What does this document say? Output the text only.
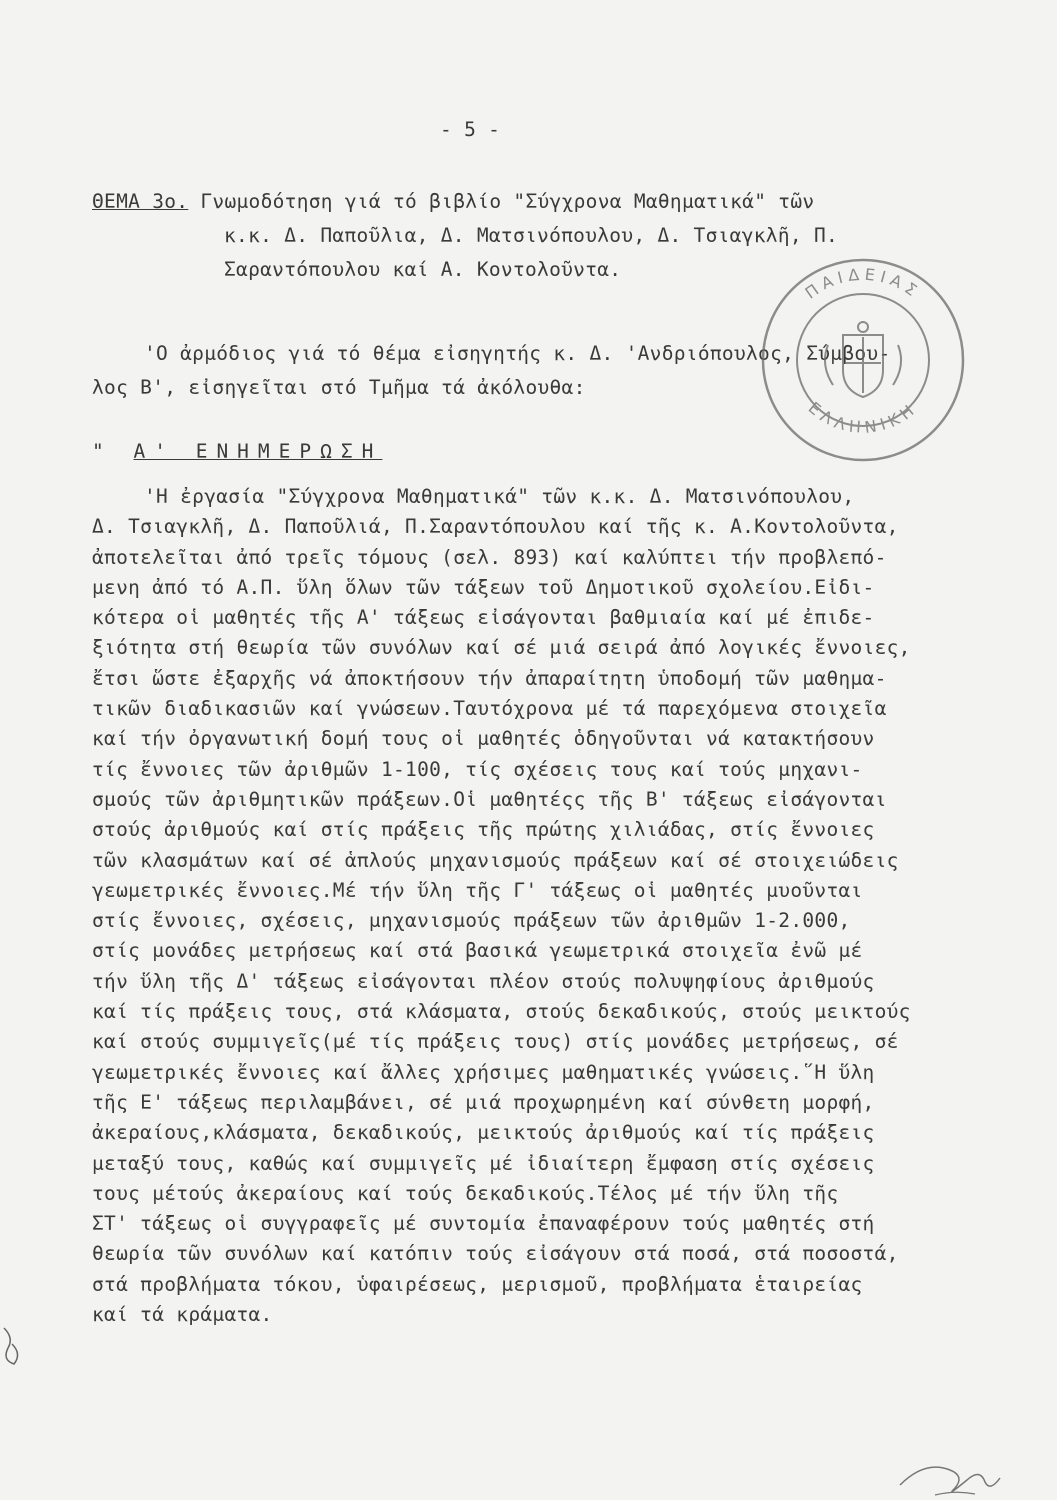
- 5 -
ΘΕΜΑ 3ο. Γνωμοδότηση γιά τό βιβλίο "Σύγχρονα Μαθηματικά" τῶν
κ.κ. Δ. Παποῦλια, Δ. Ματσινόπουλου, Δ. Τσιαγκλῆ, Π.
Σαραντόπουλου καί Α. Κοντολοῦντα.
'Ο ἀρμόδιος γιά τό θέμα εἰσηγητής κ. Δ. 'Ανδριόπουλος, Σύμβου-
λος Β', εἰσηγεῖται στό Τμῆμα τά ἀκόλουθα:
" Α' ΕΝΗΜΕΡΩΣΗ
'Η ἐργασία "Σύγχρονα Μαθηματικά" τῶν κ.κ. Δ. Ματσινόπουλου,
Δ. Τσιαγκλῆ, Δ. Παποῦλιά, Π.Σαραντόπουλου καί τῆς κ. Α.Κοντολοῦντα,
ἀποτελεῖται ἀπό τρεῖς τόμους (σελ. 893) καί καλύπτει τήν προβλεπό-
μενη ἀπό τό Α.Π. ὕλη ὅλων τῶν τάξεων τοῦ Δημοτικοῦ σχολείου.Εἰδι-
κότερα οἱ μαθητές τῆς Α' τάξεως εἰσάγονται βαθμιαία καί μέ ἐπιδε-
ξιότητα στή θεωρία τῶν συνόλων καί σέ μιά σειρά ἀπό λογικές ἔννοιες,
ἔτσι ὥστε ἐξαρχῆς νά ἀποκτήσουν τήν ἀπαραίτητη ὑποδομή τῶν μαθημα-
τικῶν διαδικασιῶν καί γνώσεων.Ταυτόχρονα μέ τά παρεχόμενα στοιχεῖα
καί τήν ὀργανωτική δομή τους οἱ μαθητές ὁδηγοῦνται νά κατακτήσουν
τίς ἔννοιες τῶν ἀριθμῶν 1-100, τίς σχέσεις τους καί τούς μηχανι-
σμούς τῶν ἀριθμητικῶν πράξεων.Οἱ μαθητέςς τῆς Β' τάξεως εἰσάγονται
στούς ἀριθμούς καί στίς πράξεις τῆς πρώτης χιλιάδας, στίς ἔννοιες
τῶν κλασμάτων καί σέ ἁπλούς μηχανισμούς πράξεων καί σέ στοιχειώδεις
γεωμετρικές ἔννοιες.Μέ τήν ὕλη τῆς Γ' τάξεως οἱ μαθητές μυοῦνται
στίς ἔννοιες, σχέσεις, μηχανισμούς πράξεων τῶν ἀριθμῶν 1-2.000,
στίς μονάδες μετρήσεως καί στά βασικά γεωμετρικά στοιχεῖα ἐνῶ μέ
τήν ὕλη τῆς Δ' τάξεως εἰσάγονται πλέον στούς πολυψηφίους ἀριθμούς
καί τίς πράξεις τους, στά κλάσματα, στούς δεκαδικούς, στούς μεικτούς
καί στούς συμμιγεῖς(μέ τίς πράξεις τους) στίς μονάδες μετρήσεως, σέ
γεωμετρικές ἔννοιες καί ἄλλες χρήσιμες μαθηματικές γνώσεις.῞Η ὕλη
τῆς Ε' τάξεως περιλαμβάνει, σέ μιά προχωρημένη καί σύνθετη μορφή,
ἀκεραίους,κλάσματα, δεκαδικούς, μεικτούς ἀριθμούς καί τίς πράξεις
μεταξύ τους, καθώς καί συμμιγεῖς μέ ἰδιαίτερη ἔμφαση στίς σχέσεις
τους μέτούς ἀκεραίους καί τούς δεκαδικούς.Τέλος μέ τήν ὕλη τῆς
ΣΤ' τάξεως οἱ συγγραφεῖς μέ συντομία ἐπαναφέρουν τούς μαθητές στή
θεωρία τῶν συνόλων καί κατόπιν τούς εἰσάγουν στά ποσά, στά ποσοστά,
στά προβλήματα τόκου, ὑφαιρέσεως, μερισμοῦ, προβλήματα ἑταιρείας
καί τά κράματα.
ΠΑΙΔΕΙΑΣ
ΕΛΛΗΝΙΚΗ
